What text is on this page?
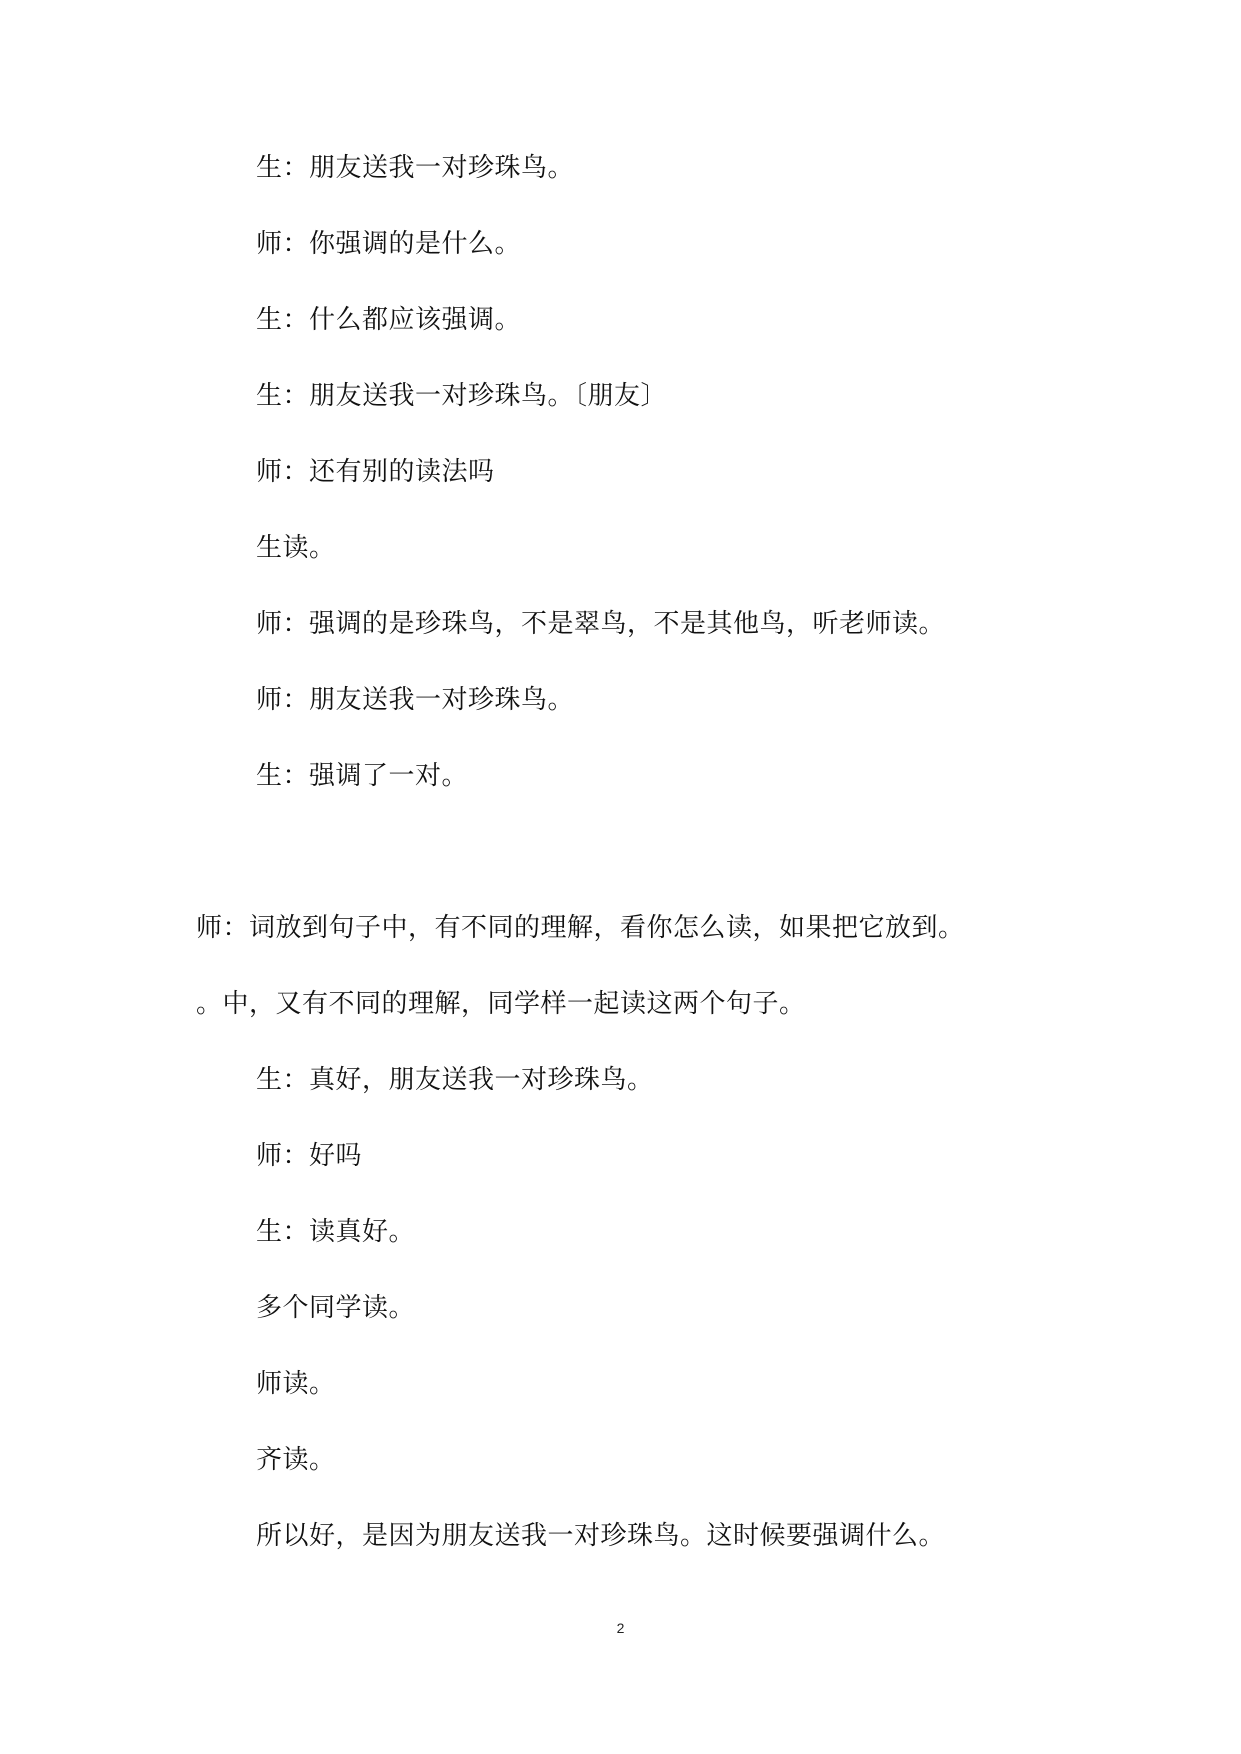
生：朋友送我一对珍珠鸟。
师：你强调的是什么。
生：什么都应该强调。
生：朋友送我一对珍珠鸟。〔朋友〕
师：还有别的读法吗
生读。
师：强调的是珍珠鸟，不是翠鸟，不是其他鸟，听老师读。
师：朋友送我一对珍珠鸟。
生：强调了一对。
师：词放到句子中，有不同的理解，看你怎么读，如果把它放到。
。中，又有不同的理解，同学样一起读这两个句子。
生：真好，朋友送我一对珍珠鸟。
师：好吗
生：读真好。
多个同学读。
师读。
齐读。
所以好，是因为朋友送我一对珍珠鸟。这时候要强调什么。
2
